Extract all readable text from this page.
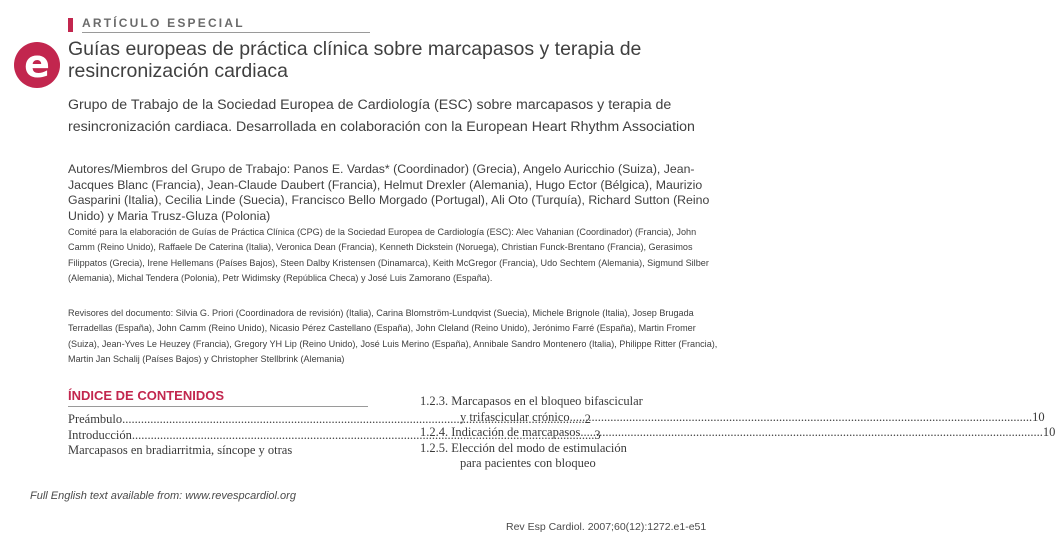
ARTÍCULO ESPECIAL
e Guías europeas de práctica clínica sobre marcapasos y terapia de resincronización cardiaca
Grupo de Trabajo de la Sociedad Europea de Cardiología (ESC) sobre marcapasos y terapia de resincronización cardiaca. Desarrollada en colaboración con la European Heart Rhythm Association
Autores/Miembros del Grupo de Trabajo: Panos E. Vardas* (Coordinador) (Grecia), Angelo Auricchio (Suiza), Jean-Jacques Blanc (Francia), Jean-Claude Daubert (Francia), Helmut Drexler (Alemania), Hugo Ector (Bélgica), Maurizio Gasparini (Italia), Cecilia Linde (Suecia), Francisco Bello Morgado (Portugal), Ali Oto (Turquía), Richard Sutton (Reino Unido) y Maria Trusz-Gluza (Polonia)
Comité para la elaboración de Guías de Práctica Clínica (CPG) de la Sociedad Europea de Cardiología (ESC): Alec Vahanian (Coordinador) (Francia), John Camm (Reino Unido), Raffaele De Caterina (Italia), Veronica Dean (Francia), Kenneth Dickstein (Noruega), Christian Funck-Brentano (Francia), Gerasimos Filippatos (Grecia), Irene Hellemans (Países Bajos), Steen Dalby Kristensen (Dinamarca), Keith McGregor (Francia), Udo Sechtem (Alemania), Sigmund Silber (Alemania), Michal Tendera (Polonia), Petr Widimsky (República Checa) y José Luis Zamorano (España).
Revisores del documento: Silvia G. Priori (Coordinadora de revisión) (Italia), Carina Blomström-Lundqvist (Suecia), Michele Brignole (Italia), Josep Brugada Terradellas (España), John Camm (Reino Unido), Nicasio Pérez Castellano (España), John Cleland (Reino Unido), Jerónimo Farré (España), Martin Fromer (Suiza), Jean-Yves Le Heuzey (Francia), Gregory YH Lip (Reino Unido), José Luis Merino (España), Annibale Sandro Montenero (Italia), Philippe Ritter (Francia), Martin Jan Schalij (Países Bajos) y Christopher Stellbrink (Alemania)
ÍNDICE DE CONTENIDOS
Preámbulo .....	2
Introducción .....	3
Marcapasos en bradiarritmia, síncope y otras
1.2.3. Marcapasos en el bloqueo bifascicular
y trifascicular crónico .....	10
1.2.4. Indicación de marcapasos .....	10
1.2.5. Elección del modo de estimulación
para pacientes con bloqueo
Full English text available from: www.revespcardiol.org
Rev Esp Cardiol. 2007;60(12):1272.e1-e51
